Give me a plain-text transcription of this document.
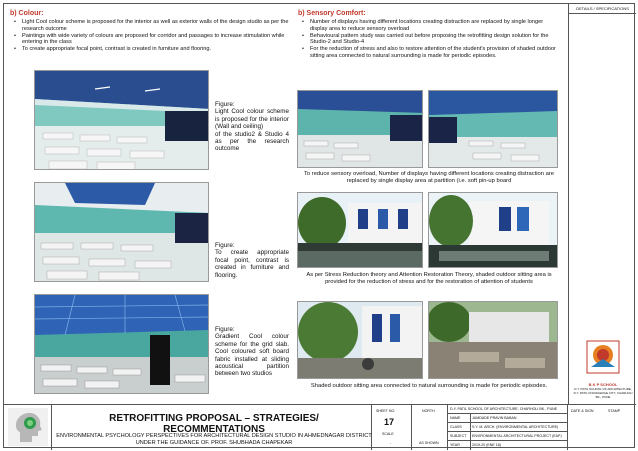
b) Colour:
• Light Cool colour scheme is proposed for the interior as well as exterior walls of the design studio as per the research outcome
• Paintings with wide variety of colours are proposed for corridor and passages to increase stimulation while entering in the class
• To create appropriate focal point, contrast is created in furniture and flooring.
Figure:
Light Cool colour scheme is proposed for the interior (Wall and ceiling)
of the studio2 & Studio 4 as per the research outcome
Figure:
To create appropriate focal point, contrast is created in furniture and flooring.
Figure:
Gradient Cool colour scheme for the grid slab. Cool coloured soft board fabric installed at sliding acoustical partition between two studios
b) Sensory Comfort:
• Number of displays having different locations creating distraction are replaced by single longer display area to reduce sensory overload
• Behavioural pattern study was carried out before proposing the retrofitting design solution for the Studio-2 and Studio-4
• For the reduction of stress and also to restore attention of the student's provision of shaded outdoor sitting area connected to natural surrounding is made for periodic episodes.
To reduce sensory overload, Number of displays having different locations creating distraction are replaced by single display area at partition (i.e. soft pin-up board
As per Stress Reduction theory and Attention Restoration Theory, shaded outdoor sitting area is provided for the reduction of stress and for the restoration of attention of students
Shaded outdoor sitting area connected to natural surrounding is made for periodic episodes.
DETAILS / SPECIFICATIONS
B K P SCHOOL
D.Y. PATIL SCHOOL OF ARCHITECTURE, D.Y. PATIL KNOWLEDGE CITY, CHARHOLI BK., PUNE
RETROFITTING PROPOSAL – STRATEGIES/ RECOMMENTATIONS
ENVIRONMENTAL PSYCHOLOGY PERSPECTIVES FOR ARCHITECTURAL DESIGN STUDIO IN AHMEDNAGAR DISTRICT
UNDER THE GUIDANCE OF. PROF. SHUBHADA CHAPEKAR
SHEET NO.
17
SCALE
-
NORTH
AS SHOWN
D.Y. PATIL SCHOOL OF ARCHITECTURE, CHARHOLI BK., PUNE
NAME	JAMDADE PRAVIN BABAN
CLASS	S.Y. M. ARCH. (ENVIRONMENTAL ARCHITECTURE)
SUBJECT	ENVIRONMENTAL ARCHITECTURAL PROJECT (EAP)
YEAR	2019-20 (ENE 18)
DATE & SIGN	STAMP
